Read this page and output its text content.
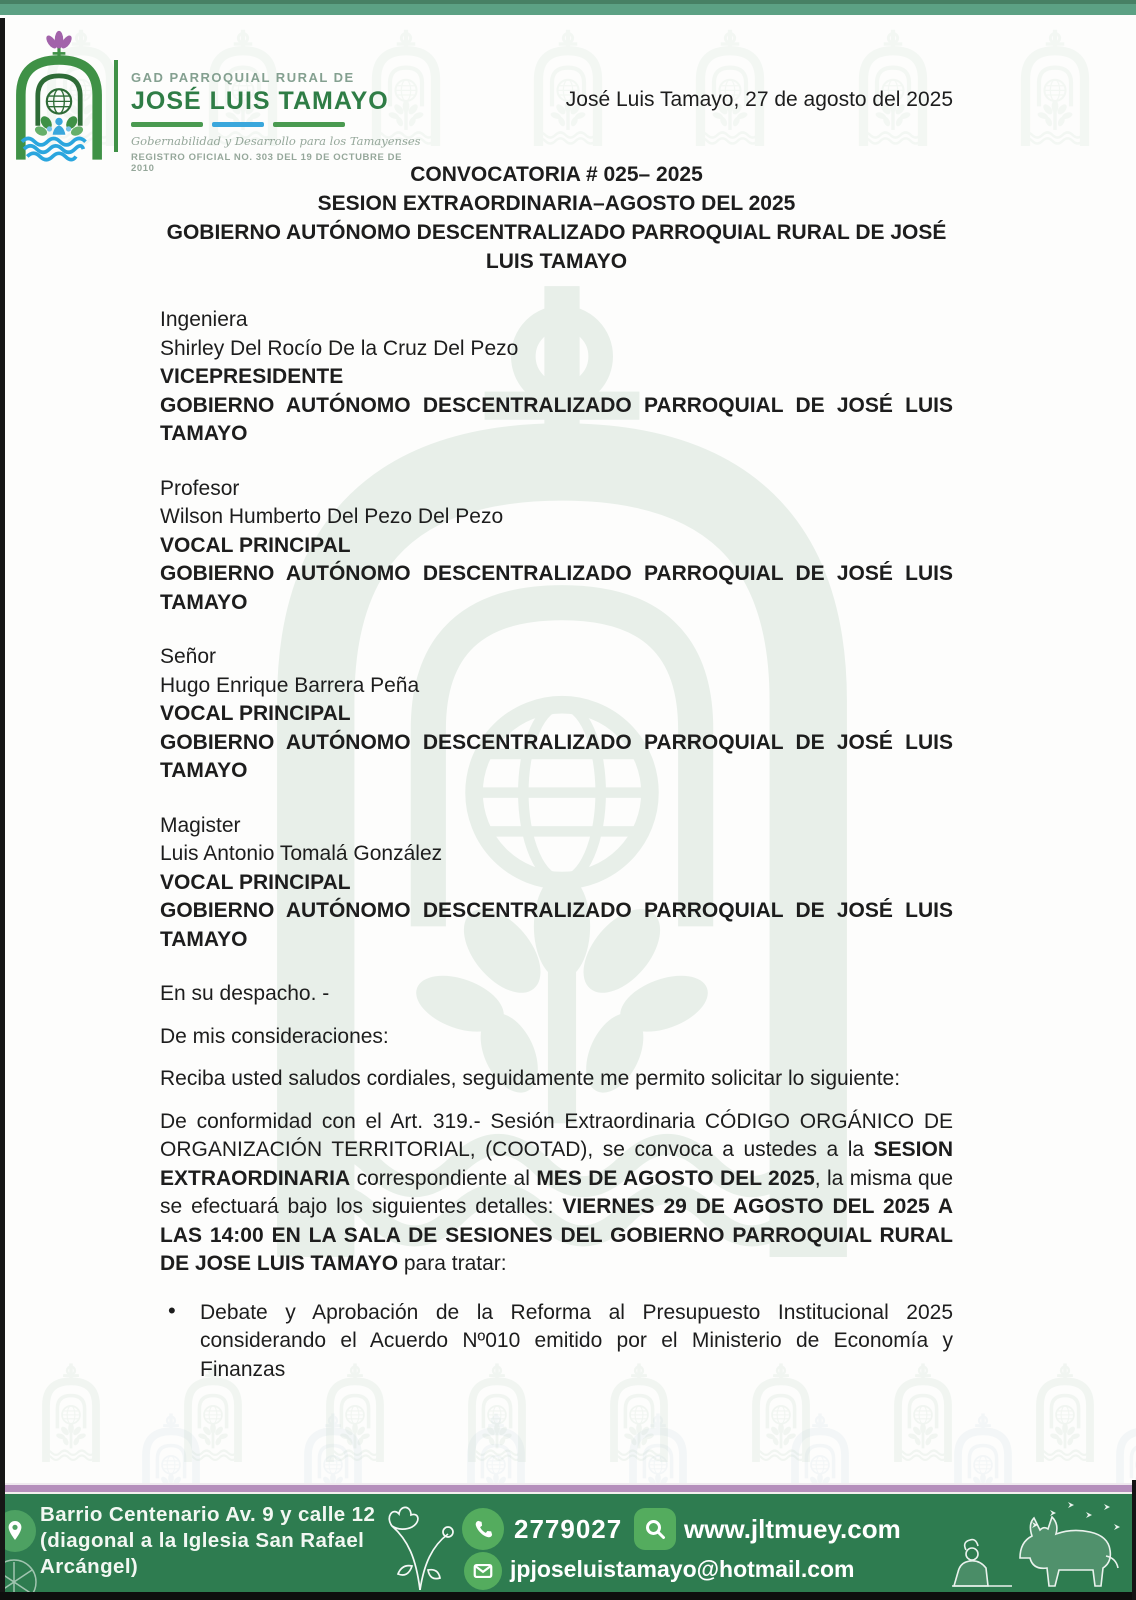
GAD PARROQUIAL RURAL DE
JOSÉ LUIS TAMAYO
Gobernabilidad y Desarrollo para los Tamayenses
REGISTRO OFICIAL NO. 303 DEL 19 DE OCTUBRE DE 2010
José Luis Tamayo, 27 de agosto del 2025
CONVOCATORIA # 025– 2025
SESION EXTRAORDINARIA–AGOSTO DEL 2025
GOBIERNO AUTÓNOMO DESCENTRALIZADO PARROQUIAL RURAL DE JOSÉ
LUIS TAMAYO
Ingeniera
Shirley Del Rocío De la Cruz Del Pezo
VICEPRESIDENTE
GOBIERNO AUTÓNOMO DESCENTRALIZADO PARROQUIAL DE JOSÉ LUIS
TAMAYO
Profesor
Wilson Humberto Del Pezo Del Pezo
VOCAL PRINCIPAL
GOBIERNO AUTÓNOMO DESCENTRALIZADO PARROQUIAL DE JOSÉ LUIS
TAMAYO
Señor
Hugo Enrique Barrera Peña
VOCAL PRINCIPAL
GOBIERNO AUTÓNOMO DESCENTRALIZADO PARROQUIAL DE JOSÉ LUIS
TAMAYO
Magister
Luis Antonio Tomalá González
VOCAL PRINCIPAL
GOBIERNO AUTÓNOMO DESCENTRALIZADO PARROQUIAL DE JOSÉ LUIS
TAMAYO
En su despacho. -
De mis consideraciones:
Reciba usted saludos cordiales, seguidamente me permito solicitar lo siguiente:
De conformidad con el Art. 319.- Sesión Extraordinaria CÓDIGO ORGÁNICO DE ORGANIZACIÓN TERRITORIAL, (COOTAD), se convoca a ustedes a la SESION EXTRAORDINARIA correspondiente al MES DE AGOSTO DEL 2025, la misma que se efectuará bajo los siguientes detalles: VIERNES 29 DE AGOSTO DEL 2025 A LAS 14:00 EN LA SALA DE SESIONES DEL GOBIERNO PARROQUIAL RURAL DE JOSE LUIS TAMAYO para tratar:
• Debate y Aprobación de la Reforma al Presupuesto Institucional 2025 considerando el Acuerdo Nº010 emitido por el Ministerio de Economía y Finanzas
Barrio Centenario Av. 9 y calle 12
(diagonal a la Iglesia San Rafael
Arcángel)
2779027 www.jltmuey.com
jpjoseluistamayo@hotmail.com
